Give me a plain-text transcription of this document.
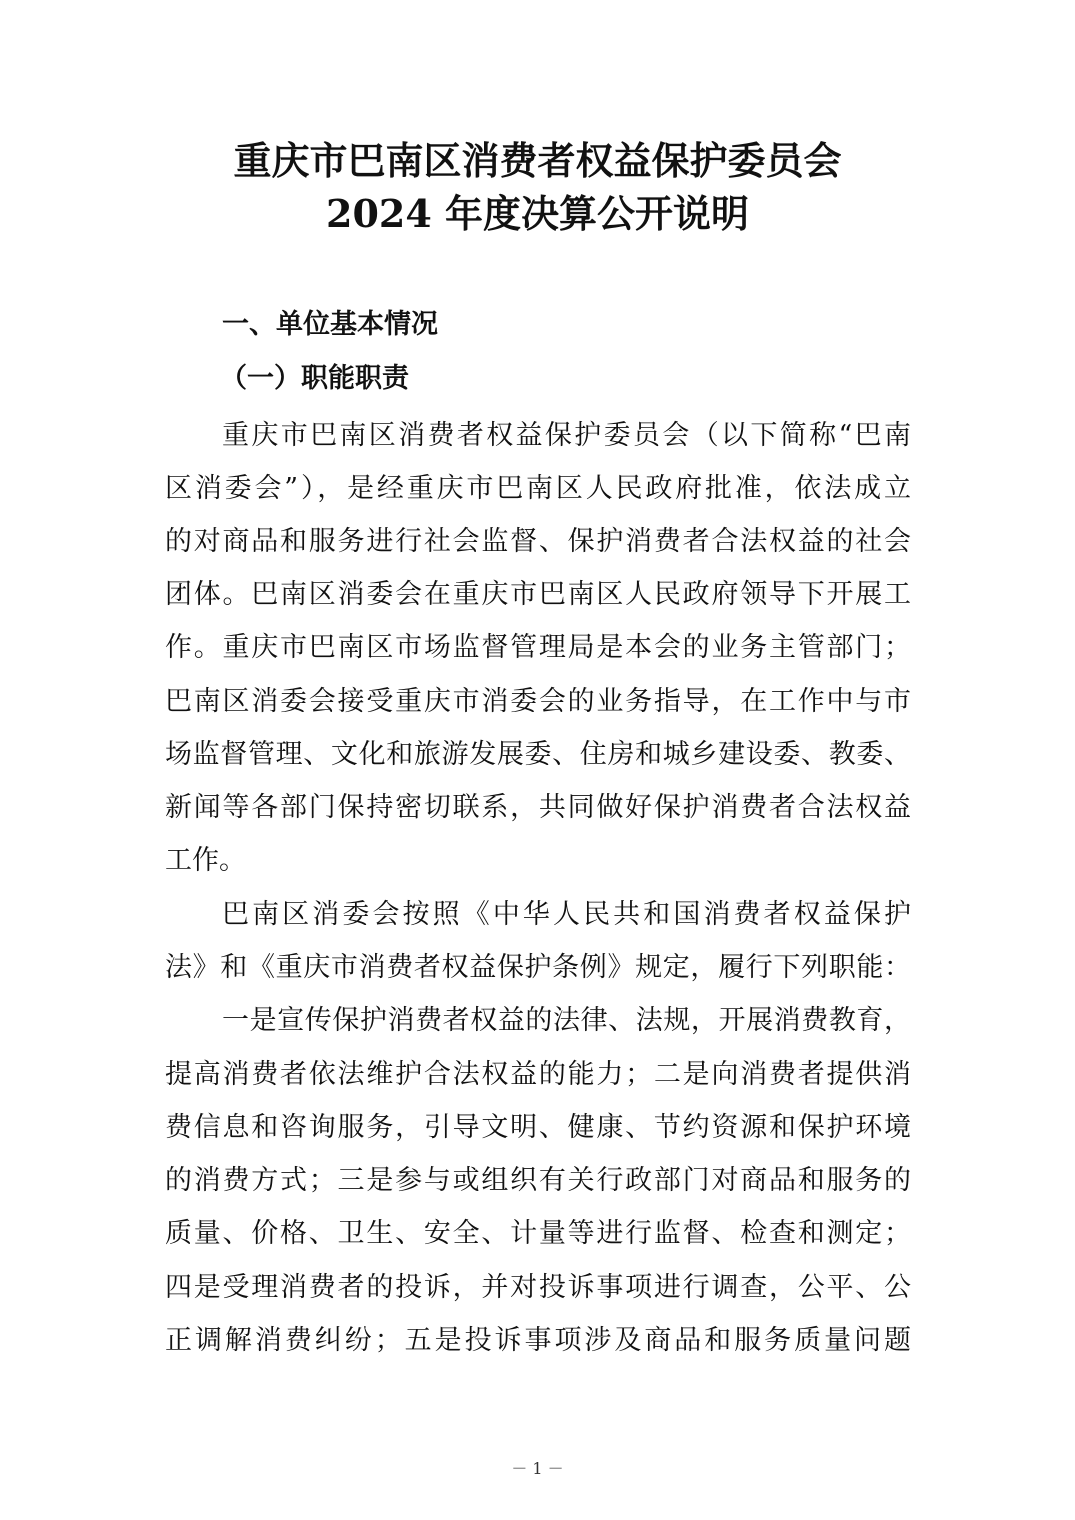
重庆市巴南区消费者权益保护委员会
2024 年度决算公开说明
一、单位基本情况
（一）职能职责
重庆市巴南区消费者权益保护委员会（以下简称“巴南
区消委会”），是经重庆市巴南区人民政府批准，依法成立
的对商品和服务进行社会监督、保护消费者合法权益的社会
团体。巴南区消委会在重庆市巴南区人民政府领导下开展工
作。重庆市巴南区市场监督管理局是本会的业务主管部门；
巴南区消委会接受重庆市消委会的业务指导，在工作中与市
场监督管理、文化和旅游发展委、住房和城乡建设委、教委、
新闻等各部门保持密切联系，共同做好保护消费者合法权益
工作。
巴南区消委会按照《中华人民共和国消费者权益保护
法》和《重庆市消费者权益保护条例》规定，履行下列职能：
一是宣传保护消费者权益的法律、法规，开展消费教育，
提高消费者依法维护合法权益的能力；二是向消费者提供消
费信息和咨询服务，引导文明、健康、节约资源和保护环境
的消费方式；三是参与或组织有关行政部门对商品和服务的
质量、价格、卫生、安全、计量等进行监督、检查和测定；
四是受理消费者的投诉，并对投诉事项进行调查，公平、公
正调解消费纠纷；五是投诉事项涉及商品和服务质量问题
－ 1 －
